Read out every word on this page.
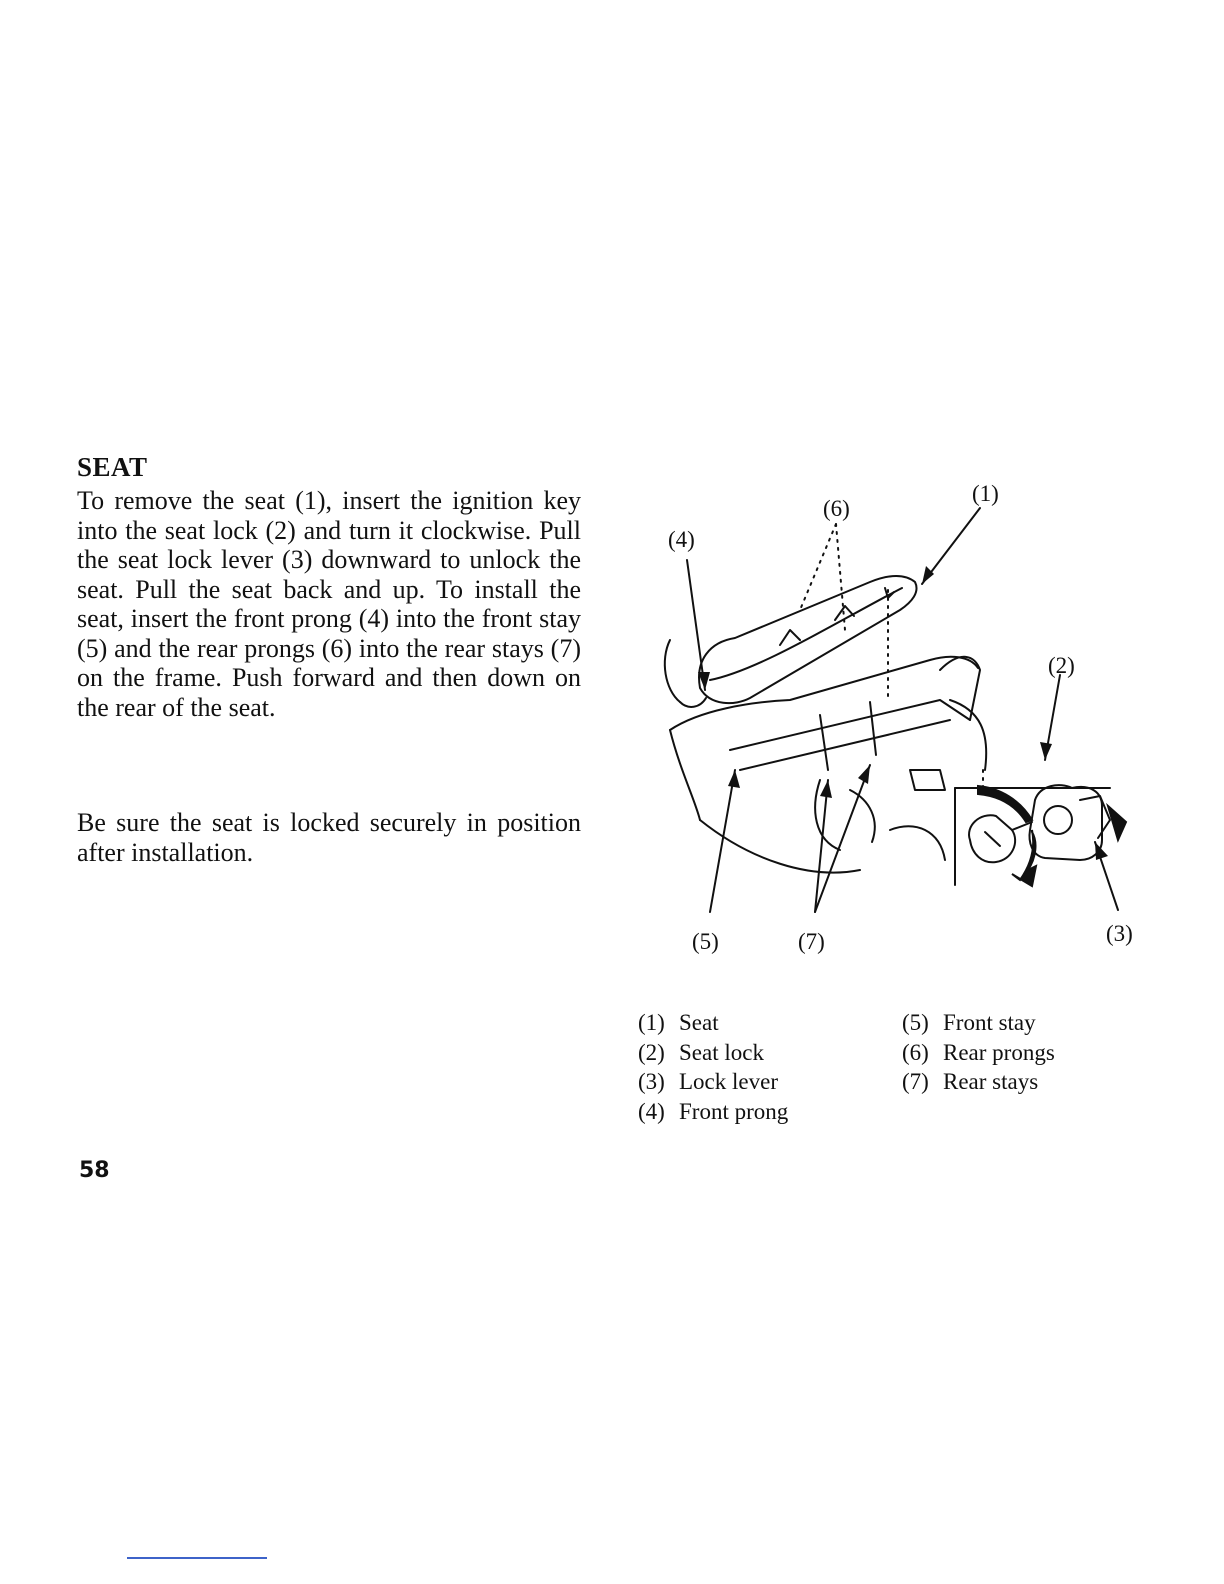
SEAT

To remove the seat (1), insert the ignition key into the seat lock (2) and turn it clockwise. Pull the seat lock lever (3) downward to unlock the seat. Pull the seat back and up. To install the seat, insert the front prong (4) into the front stay (5) and the rear prongs (6) into the rear stays (7) on the frame. Push forward and then down on the rear of the seat.

Be sure the seat is locked securely in position after installation.

(1)
(2)
(3)
(4)
(5)
(6)
(7)
(1) Seat
(2) Seat lock
(3) Lock lever
(4) Front prong
(5) Front stay
(6) Rear prongs
(7) Rear stays
58
